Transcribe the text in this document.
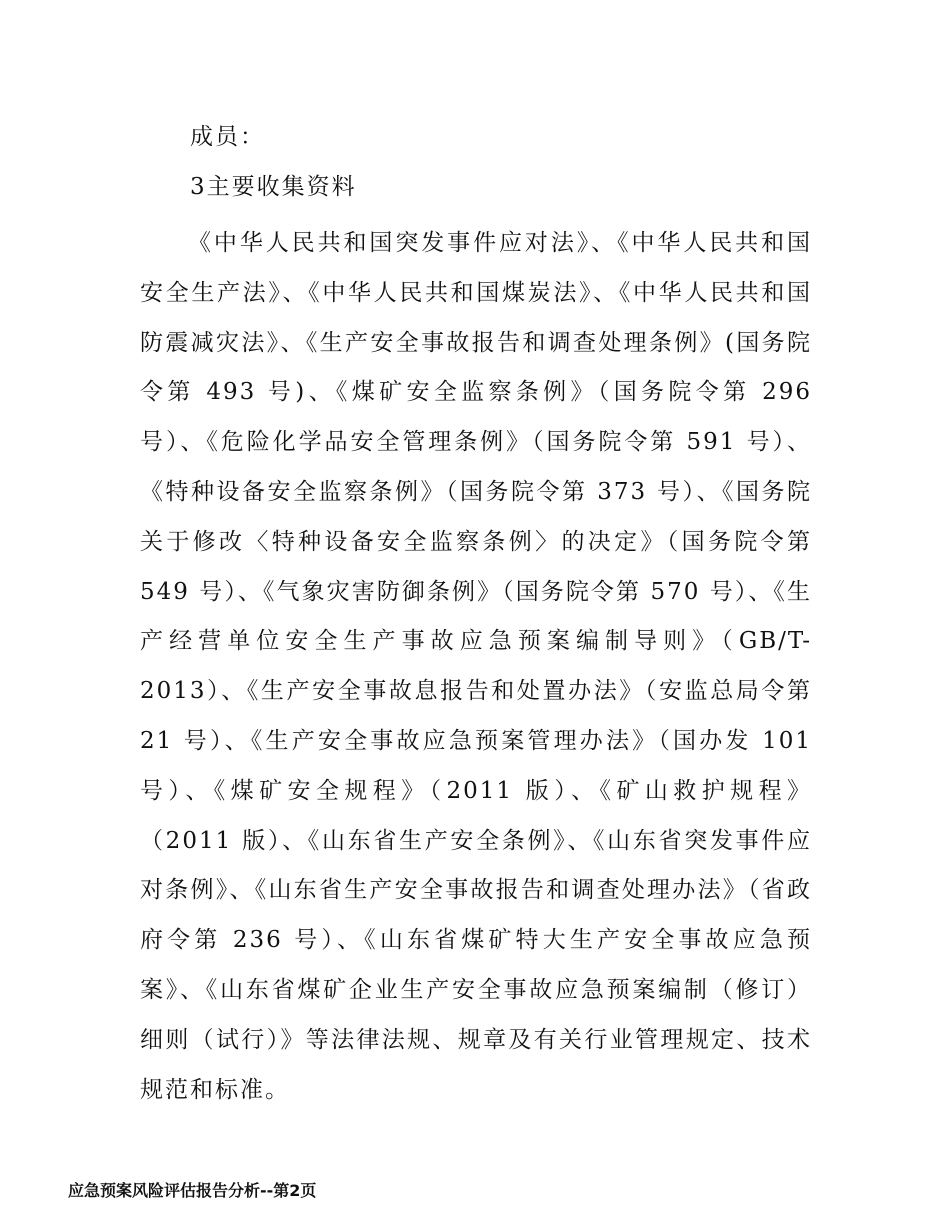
成员：

3主要收集资料

《中华人民共和国突发事件应对法》、《中华人民共和国安全生产法》、《中华人民共和国煤炭法》、《中华人民共和国防震减灾法》、《生产安全事故报告和调查处理条例》(国务院令第 493 号)、《煤矿安全监察条例》（国务院令第 296 号）、《危险化学品安全管理条例》（国务院令第 591 号）、《特种设备安全监察条例》（国务院令第 373 号）、《国务院关于修改〈特种设备安全监察条例〉的决定》（国务院令第 549 号）、《气象灾害防御条例》（国务院令第 570 号）、《生产经营单位安全生产事故应急预案编制导则》（GB/T-2013）、《生产安全事故息报告和处置办法》（安监总局令第 21 号）、《生产安全事故应急预案管理办法》（国办发 101 号）、《煤矿安全规程》（2011 版）、《矿山救护规程》（2011 版）、《山东省生产安全条例》、《山东省突发事件应对条例》、《山东省生产安全事故报告和调查处理办法》（省政府令第 236 号）、《山东省煤矿特大生产安全事故应急预案》、《山东省煤矿企业生产安全事故应急预案编制（修订）细则（试行）》等法律法规、规章及有关行业管理规定、技术规范和标准。

应急预案风险评估报告分析--第2页
